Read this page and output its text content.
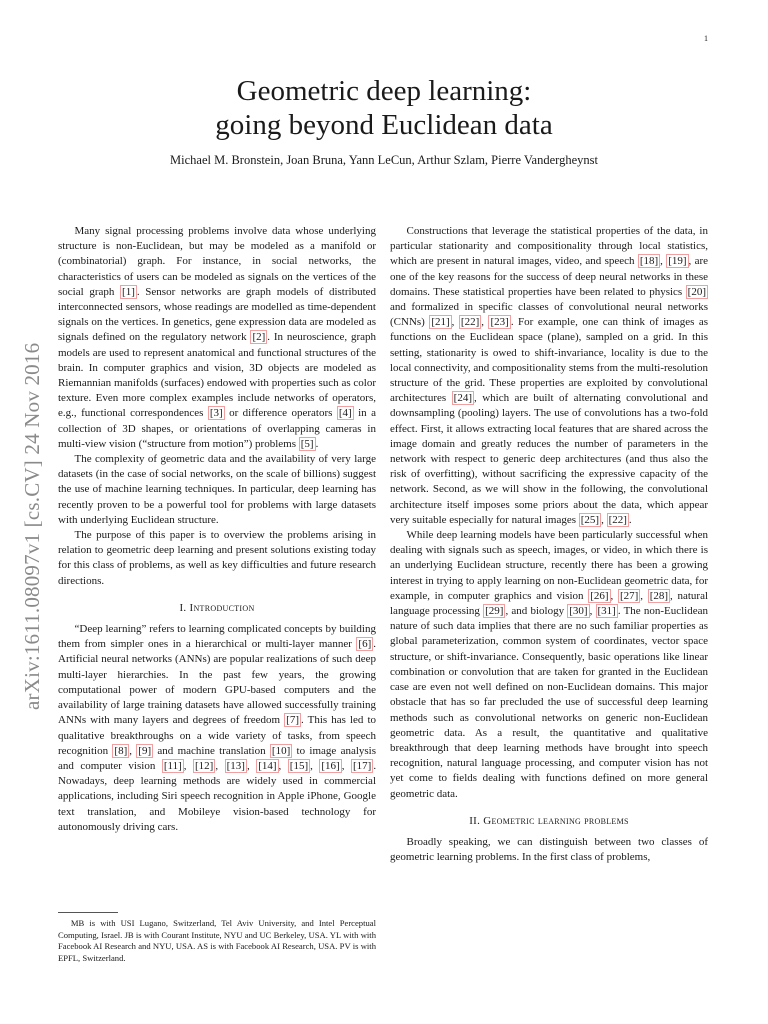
1
arXiv:1611.08097v1 [cs.CV] 24 Nov 2016
Geometric deep learning:
going beyond Euclidean data
Michael M. Bronstein, Joan Bruna, Yann LeCun, Arthur Szlam, Pierre Vandergheynst

Many signal processing problems involve data whose underlying structure is non-Euclidean, but may be modeled as a manifold or (combinatorial) graph. For instance, in social networks, the characteristics of users can be modeled as signals on the vertices of the social graph [1] . Sensor networks are graph models of distributed interconnected sensors, whose readings are modelled as time-dependent signals on the vertices. In genetics, gene expression data are modeled as signals defined on the regulatory network [2] . In neuroscience, graph models are used to represent anatomical and functional structures of the brain. In computer graphics and vision, 3D objects are modeled as Riemannian manifolds (surfaces) endowed with properties such as color texture. Even more complex examples include networks of operators, e.g., functional correspondences [3] or difference operators [4] in a collection of 3D shapes, or orientations of overlapping cameras in multi-view vision (“structure from motion”) problems [5] .

The complexity of geometric data and the availability of very large datasets (in the case of social networks, on the scale of billions) suggest the use of machine learning techniques. In particular, deep learning has recently proven to be a powerful tool for problems with large datasets with underlying Euclidean structure.

The purpose of this paper is to overview the problems arising in relation to geometric deep learning and present solutions existing today for this class of problems, as well as key difficulties and future research directions.

I. Introduction

“Deep learning” refers to learning complicated concepts by building them from simpler ones in a hierarchical or multi-layer manner [6] . Artificial neural networks (ANNs) are popular realizations of such deep multi-layer hierarchies. In the past few years, the growing computational power of modern GPU-based computers and the availability of large training datasets have allowed successfully training ANNs with many layers and degrees of freedom [7] . This has led to qualitative breakthroughs on a wide variety of tasks, from speech recognition [8] , [9] and machine translation [10] to image analysis and computer vision [11] , [12] , [13] , [14] , [15] , [16] , [17] . Nowadays, deep learning methods are widely used in commercial applications, including Siri speech recognition in Apple iPhone, Google text translation, and Mobileye vision-based technology for autonomously driving cars.

MB is with USI Lugano, Switzerland, Tel Aviv University, and Intel Perceptual Computing, Israel. JB is with Courant Institute, NYU and UC Berkeley, USA. YL with with Facebook AI Research and NYU, USA. AS is with Facebook AI Research, USA. PV is with EPFL, Switzerland.

Constructions that leverage the statistical properties of the data, in particular stationarity and compositionality through local statistics, which are present in natural images, video, and speech [18] , [19] , are one of the key reasons for the success of deep neural networks in these domains. These statistical properties have been related to physics [20] and formalized in specific classes of convolutional neural networks (CNNs) [21] , [22] , [23] . For example, one can think of images as functions on the Euclidean space (plane), sampled on a grid. In this setting, stationarity is owed to shift-invariance, locality is due to the local connectivity, and compositionality stems from the multi-resolution structure of the grid. These properties are exploited by convolutional architectures [24] , which are built of alternating convolutional and downsampling (pooling) layers. The use of convolutions has a two-fold effect. First, it allows extracting local features that are shared across the image domain and greatly reduces the number of parameters in the network with respect to generic deep architectures (and thus also the risk of overfitting), without sacrificing the expressive capacity of the network. Second, as we will show in the following, the convolutional architecture itself imposes some priors about the data, which appear very suitable especially for natural images [25] , [22] .

While deep learning models have been particularly successful when dealing with signals such as speech, images, or video, in which there is an underlying Euclidean structure, recently there has been a growing interest in trying to apply learning on non-Euclidean geometric data, for example, in computer graphics and vision [26] , [27] , [28] , natural language processing [29] , and biology [30] , [31] . The non-Euclidean nature of such data implies that there are no such familiar properties as global parameterization, common system of coordinates, vector space structure, or shift-invariance. Consequently, basic operations like linear combination or convolution that are taken for granted in the Euclidean case are even not well defined on non-Euclidean domains. This major obstacle that has so far precluded the use of successful deep learning methods such as convolutional networks on generic non-Euclidean geometric data. As a result, the quantitative and qualitative breakthrough that deep learning methods have brought into speech recognition, natural language processing, and computer vision has not yet come to fields dealing with functions defined on more general geometric data.

II. Geometric learning problems

Broadly speaking, we can distinguish between two classes of geometric learning problems. In the first class of problems,
